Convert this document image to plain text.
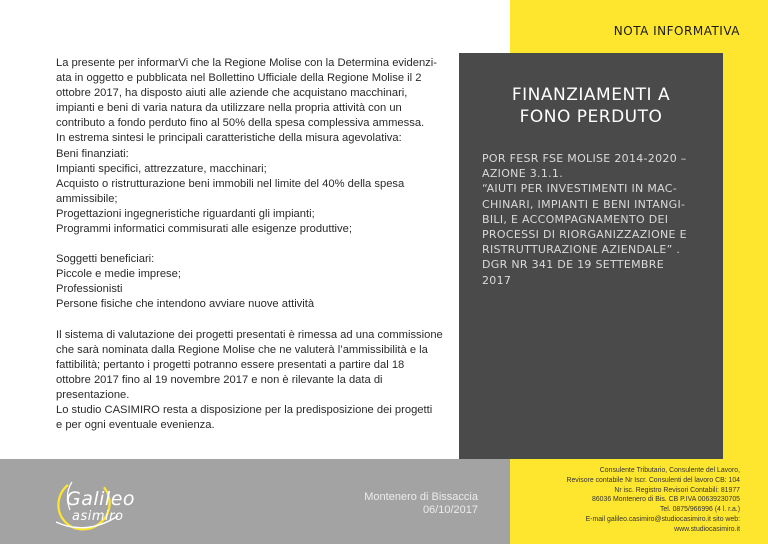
NOTA INFORMATIVA
FINANZIAMENTI A
FONO PERDUTO
POR FESR FSE MOLISE 2014-2020 –
AZIONE 3.1.1.
“AIUTI PER INVESTIMENTI IN MAC-
CHINARI, IMPIANTI E BENI INTANGI-
BILI, E ACCOMPAGNAMENTO DEI
PROCESSI DI RIORGANIZZAZIONE E
RISTRUTTURAZIONE AZIENDALE” .
DGR NR 341 DE 19 SETTEMBRE
2017
La presente per informarVi che la Regione Molise con la Determina evidenzi-
ata in oggetto e pubblicata nel Bollettino Ufficiale della Regione Molise il 2
ottobre 2017, ha disposto aiuti alle aziende che acquistano macchinari,
impianti e beni di varia natura da utilizzare nella propria attività con un
contributo a fondo perduto fino al 50% della spesa complessiva ammessa.
In estrema sintesi le principali caratteristiche della misura agevolativa:
Beni finanziati:
Impianti specifici, attrezzature, macchinari;
Acquisto o ristrutturazione beni immobili nel limite del 40% della spesa
ammissibile;
Progettazioni ingegneristiche riguardanti gli impianti;
Programmi informatici commisurati alle esigenze produttive;
Soggetti beneficiari:
Piccole e medie imprese;
Professionisti
Persone fisiche che intendono avviare nuove attività
Il sistema di valutazione dei progetti presentati è rimessa ad una commissione
che sarà nominata dalla Regione Molise che ne valuterà l’ammissibilità e la
fattibilità; pertanto i progetti potranno essere presentati a partire dal 18
ottobre 2017 fino al 19 novembre 2017 e non è rilevante la data di
presentazione.
Lo studio CASIMIRO resta a disposizione per la predisposizione dei progetti
e per ogni eventuale evenienza.
Galileo
asimiro
Montenero di Bissaccia
06/10/2017
Consulente Tributario, Consulente del Lavoro,
Revisore contabile Nr Iscr. Consulenti del lavoro CB: 104
Nr isc. Registro Revisori Contabili: 81977
86036 Montenero di Bis. CB P.IVA 00639230705
Tel. 0875/966996 (4 l. r.a.)
E-mail galileo.casimiro@studiocasimiro.it sito web:
www.studiocasimiro.it
